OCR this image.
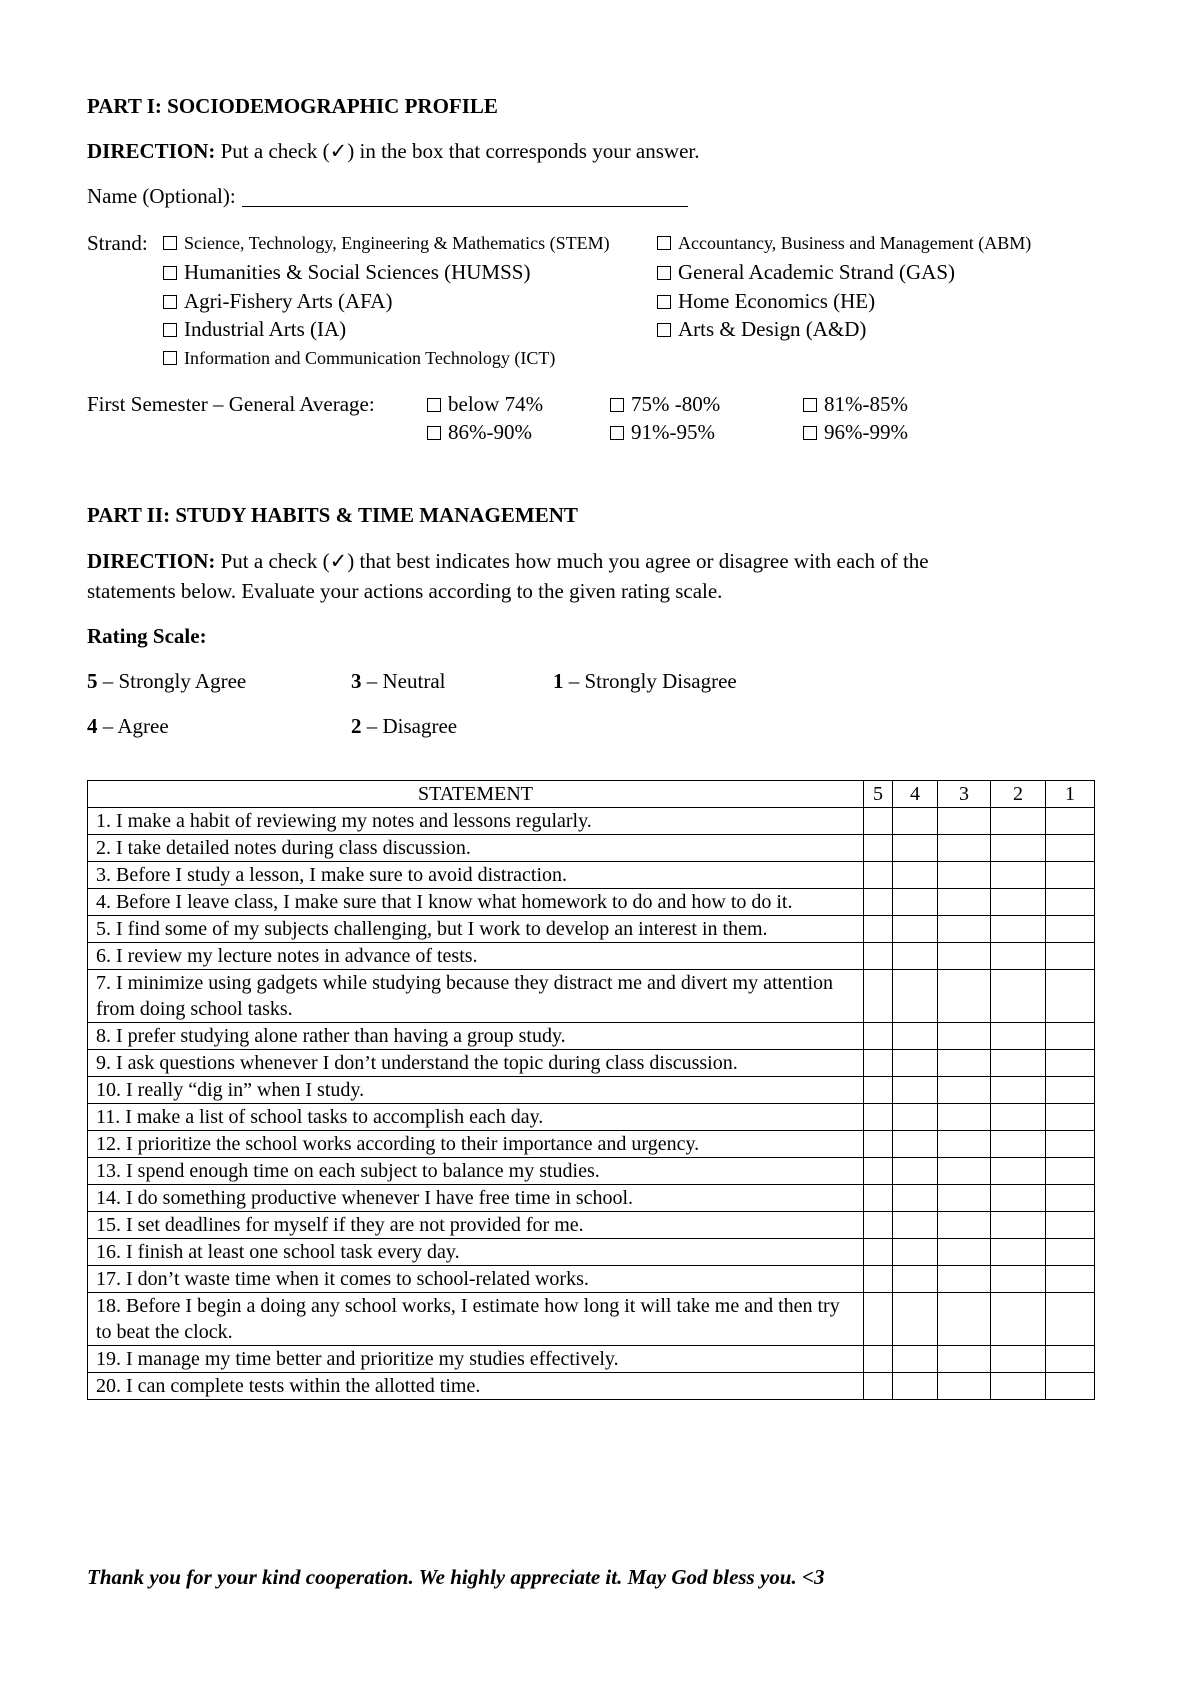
PART I: SOCIODEMOGRAPHIC PROFILE
DIRECTION: Put a check (✓) in the box that corresponds your answer.
Name (Optional):
Strand:	Science, Technology, Engineering & Mathematics (STEM)
Humanities & Social Sciences (HUMSS)
Agri-Fishery Arts (AFA)
Industrial Arts (IA)
Information and Communication Technology (ICT)
Accountancy, Business and Management (ABM)
General Academic Strand (GAS)
Home Economics (HE)
Arts & Design (A&D)
First Semester – General Average:	below 74%	75% -80%	81%-85%
86%-90%	91%-95%	96%-99%
PART II: STUDY HABITS & TIME MANAGEMENT
DIRECTION: Put a check (✓) that best indicates how much you agree or disagree with each of the
statements below. Evaluate your actions according to the given rating scale.
Rating Scale:
5 – Strongly Agree	3 – Neutral	1 – Strongly Disagree
4 – Agree	2 – Disagree
STATEMENT	5	4	3	2	1
1. I make a habit of reviewing my notes and lessons regularly.					
2. I take detailed notes during class discussion.					
3. Before I study a lesson, I make sure to avoid distraction.					
4. Before I leave class, I make sure that I know what homework to do and how to do it.					
5. I find some of my subjects challenging, but I work to develop an interest in them.					
6. I review my lecture notes in advance of tests.					
7. I minimize using gadgets while studying because they distract me and divert my attention from doing school tasks.					
8. I prefer studying alone rather than having a group study.					
9. I ask questions whenever I don’t understand the topic during class discussion.					
10. I really “dig in” when I study.					
11. I make a list of school tasks to accomplish each day.					
12. I prioritize the school works according to their importance and urgency.					
13. I spend enough time on each subject to balance my studies.					
14. I do something productive whenever I have free time in school.					
15. I set deadlines for myself if they are not provided for me.					
16. I finish at least one school task every day.					
17. I don’t waste time when it comes to school-related works.					
18. Before I begin a doing any school works, I estimate how long it will take me and then try to beat the clock.					
19. I manage my time better and prioritize my studies effectively.					
20. I can complete tests within the allotted time.					
Thank you for your kind cooperation. We highly appreciate it. May God bless you. <3
